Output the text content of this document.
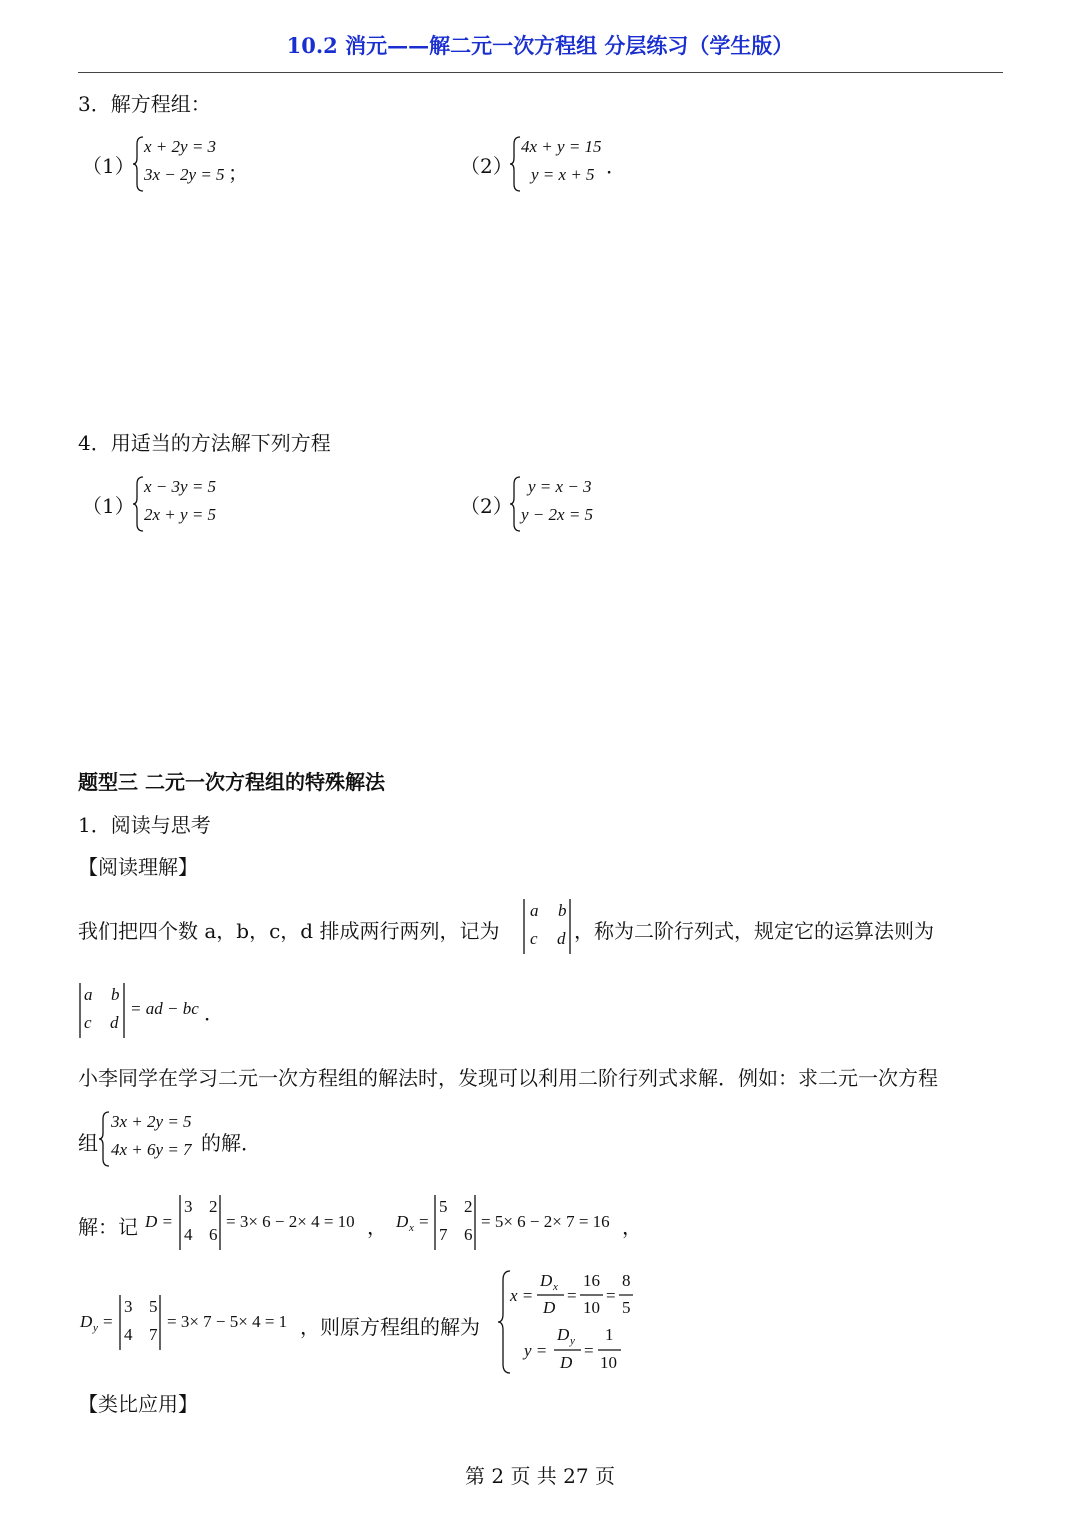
10.2 消元——解二元一次方程组 分层练习（学生版）
3．解方程组：
（1）
x + 2y = 3
3x − 2y = 5 ；	（2）
4x + y = 15
y = x + 5 ．
4．用适当的方法解下列方程
（1）
x − 3y = 5
2x + y = 5	（2）
y = x − 3
y − 2x = 5
题型三 二元一次方程组的特殊解法
1．阅读与思考
【阅读理解】
我们把四个数 a，b，c，d 排成两行两列，记为
a b
c d ，称为二阶行列式，规定它的运算法则为
a b
c d
= ad − bc ．
小李同学在学习二元一次方程组的解法时，发现可以利用二阶行列式求解．例如：求二元一次方程
组
3x + 2y = 5
4x + 6y = 7 的解．
解：记 D =
3 2
4 6
= 3× 6 − 2× 4 = 10 ， D x =
5 2
7 6
= 5× 6 − 2× 7 = 16 ，
D y =
3 5
4 7
= 3× 7 − 5× 4 = 1 ，则原方程组的解为
x =
D x
D
=
16
10
=
8
5
y =
D y
D
=
1
10
【类比应用】
第 2 页 共 27 页
